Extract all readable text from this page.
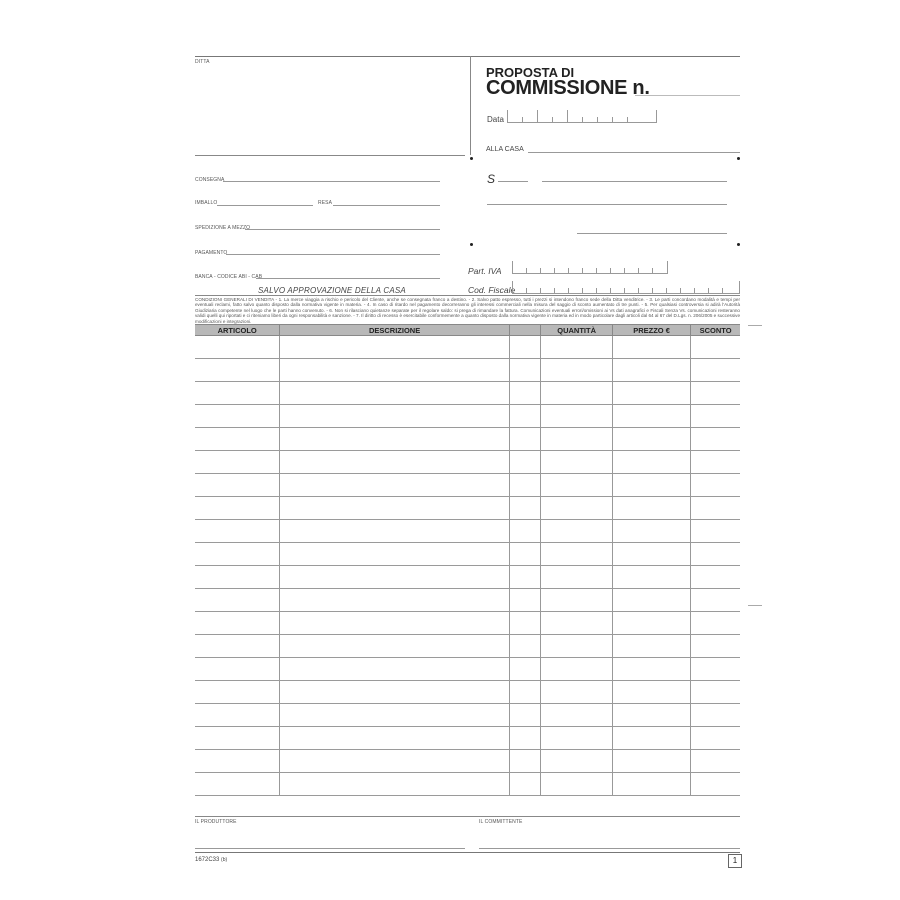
DITTA
PROPOSTA DI
COMMISSIONE n.
Data
ALLA CASA
S
CONSEGNA
IMBALLO	RESA
SPEDIZIONE A MEZZO
PAGAMENTO
BANCA - CODICE ABI - CAB
SALVO APPROVAZIONE DELLA CASA
Part. IVA
Cod. Fiscale
CONDIZIONI GENERALI DI VENDITA - 1. La merce viaggia a rischio e pericolo del Cliente, anche se consegnata franco a destino. - 2. Salvo patto espresso, tutti i prezzi si intendono franco sede della Ditta venditrice. - 3. Le parti concordano modalità e tempi per eventuali reclami, fatto salvo quanto disposto dalla normativa vigente in materia. - 4. In caso di ritardo nel pagamento decorreranno gli interessi commerciali nella misura del saggio di sconto aumentato di tre punti. - 5. Per qualsiasi controversia si adirà l'Autorità Giudiziaria competente nel luogo che le parti hanno convenuto. - 6. Non si rilasciano quietanze separate per il regolare saldo: si prega di rimandare la fattura. Comunicazioni eventuali errori/omissioni ai Vs dati anagrafici e Fiscali Senza Vs. comunicazioni resteranno validi quelli qui riportati e ci riteniamo liberi da ogni responsabilità e sanzione. - 7. Il diritto di recesso è esercitabile conformemente a quanto disposto dalla normativa vigente in materia ed in modo particolare dagli articoli dal 64 al 67 del D.Lgs. n. 206/2005 e successive modificazioni e integrazioni.
ARTICOLO	DESCRIZIONE		QUANTITÀ	PREZZO €	SCONTO

IL PRODUTTORE	IL COMMITTENTE
1672C33 (b)	1
